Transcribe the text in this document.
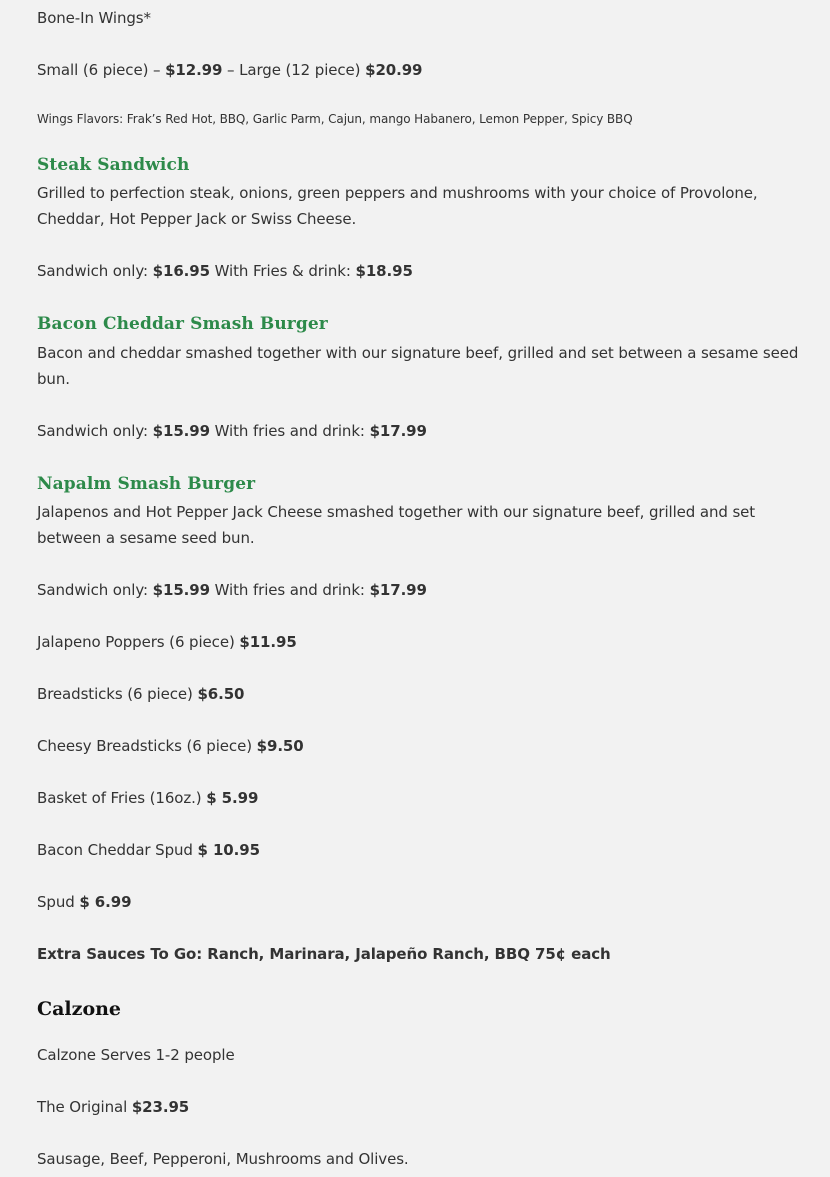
Bone-In Wings*
Small (6 piece) – $12.99 – Large (12 piece) $20.99
Wings Flavors: Frak’s Red Hot, BBQ, Garlic Parm, Cajun, mango Habanero, Lemon Pepper, Spicy BBQ
Steak Sandwich
Grilled to perfection steak, onions, green peppers and mushrooms with your choice of Provolone, Cheddar, Hot Pepper Jack or Swiss Cheese.
Sandwich only: $16.95 With Fries & drink: $18.95
Bacon Cheddar Smash Burger
Bacon and cheddar smashed together with our signature beef, grilled and set between a sesame seed bun.
Sandwich only: $15.99 With fries and drink: $17.99
Napalm Smash Burger
Jalapenos and Hot Pepper Jack Cheese smashed together with our signature beef, grilled and set between a sesame seed bun.
Sandwich only: $15.99 With fries and drink: $17.99
Jalapeno Poppers (6 piece) $11.95
Breadsticks (6 piece) $6.50
Cheesy Breadsticks (6 piece) $9.50
Basket of Fries (16oz.) $ 5.99
Bacon Cheddar Spud $ 10.95
Spud $ 6.99
Extra Sauces To Go: Ranch, Marinara, Jalapeño Ranch, BBQ 75¢ each
Calzone
Calzone Serves 1-2 people
The Original $23.95
Sausage, Beef, Pepperoni, Mushrooms and Olives.
